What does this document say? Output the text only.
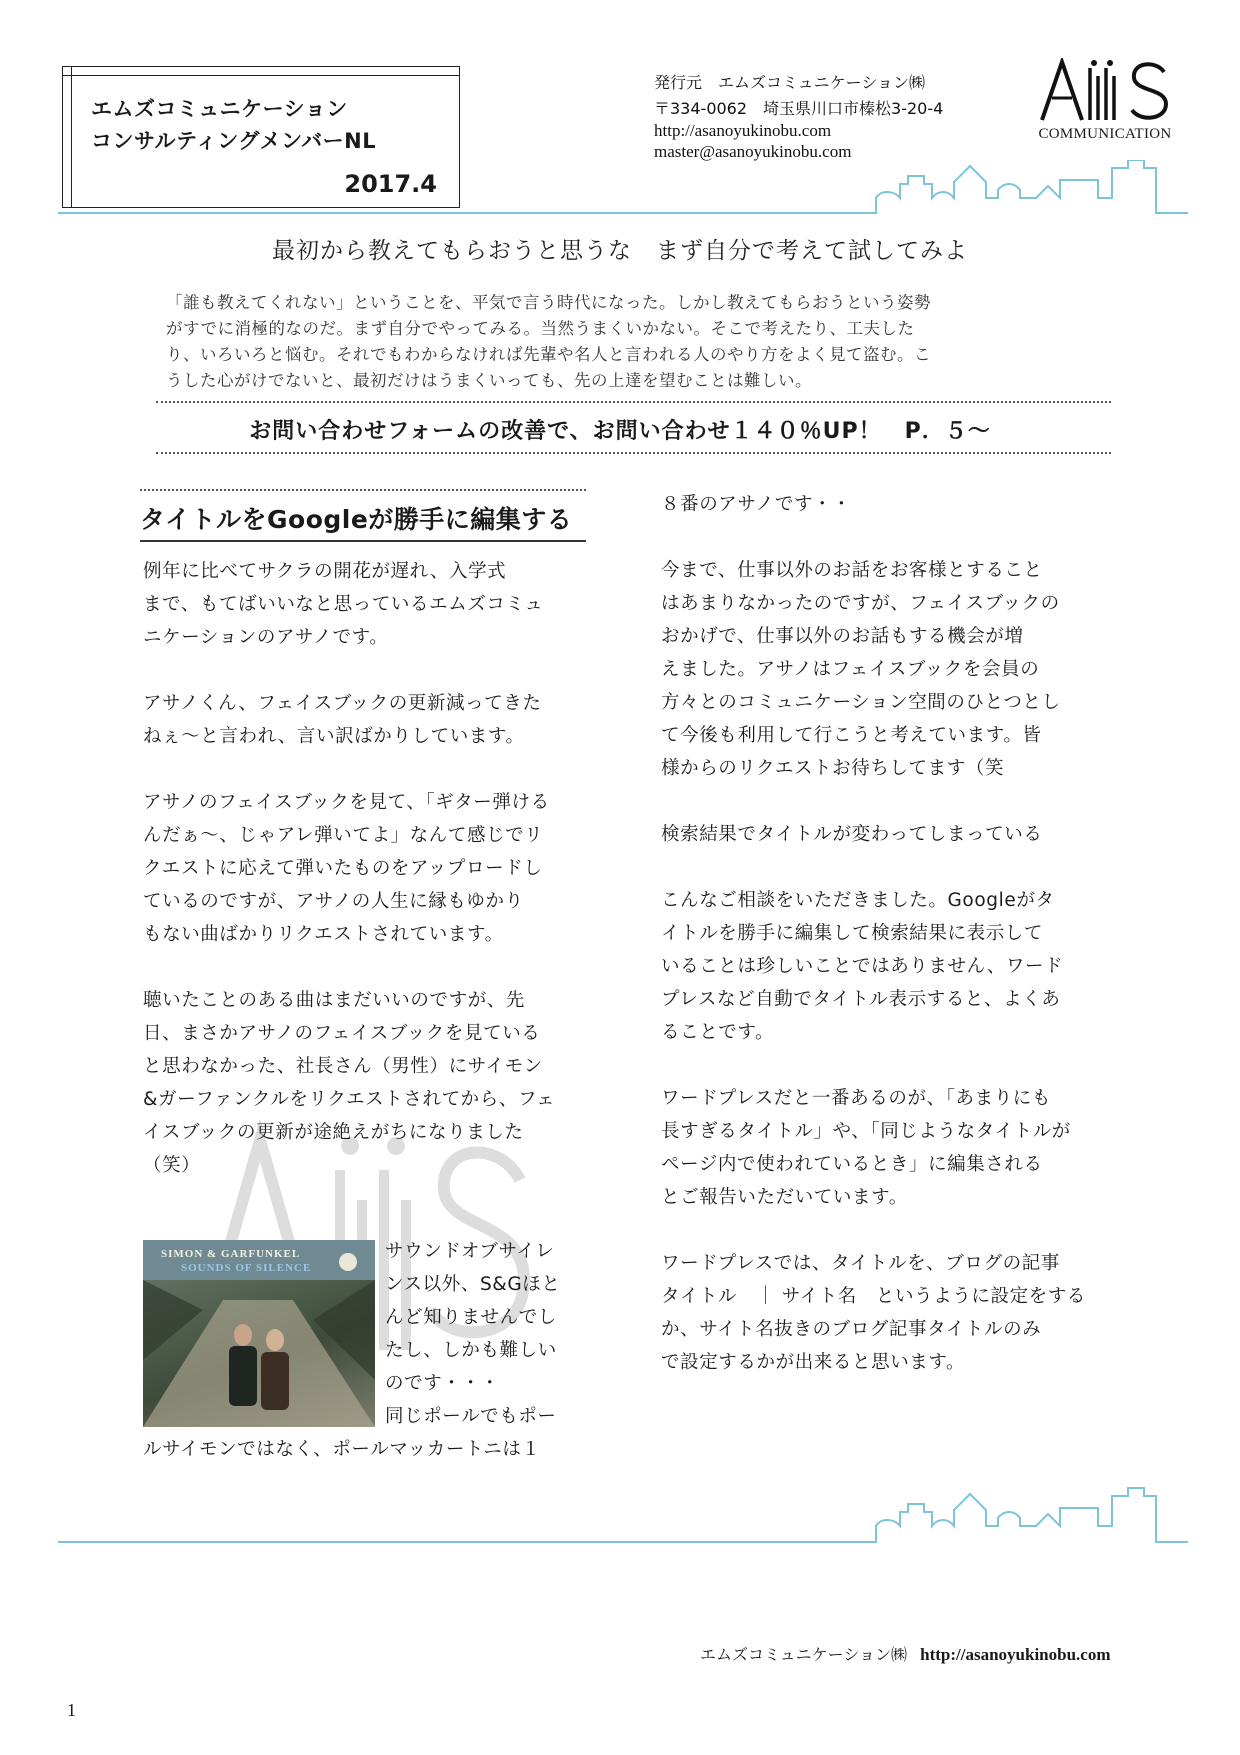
エムズコミュニケーション
コンサルティングメンバーNL
2017.4
発行元　エムズコミュニケーション㈱
〒334-0062　埼玉県川口市榛松3-20-4
http://asanoyukinobu.com
master@asanoyukinobu.com
COMMUNICATION
最初から教えてもらおうと思うな　まず自分で考えて試してみよ
「誰も教えてくれない」ということを、平気で言う時代になった。しかし教えてもらおうという姿勢
がすでに消極的なのだ。まず自分でやってみる。当然うまくいかない。そこで考えたり、工夫した
り、いろいろと悩む。それでもわからなければ先輩や名人と言われる人のやり方をよく見て盗む。こ
うした心がけでないと、最初だけはうまくいっても、先の上達を望むことは難しい。
お問い合わせフォームの改善で、お問い合わせ１４０％UP！　P．５～
タイトルをGoogleが勝手に編集する

例年に比べてサクラの開花が遅れ、入学式
まで、もてばいいなと思っているエムズコミュ
ニケーションのアサノです。

アサノくん、フェイスブックの更新減ってきた
ねぇ～と言われ、言い訳ばかりしています。

アサノのフェイスブックを見て、「ギター弾ける
んだぁ～、じゃアレ弾いてよ」なんて感じでリ
クエストに応えて弾いたものをアップロードし
ているのですが、アサノの人生に縁もゆかり
もない曲ばかりリクエストされています。

聴いたことのある曲はまだいいのですが、先
日、まさかアサノのフェイスブックを見ている
と思わなかった、社長さん（男性）にサイモン
&ガーファンクルをリクエストされてから、フェ
イスブックの更新が途絶えがちになりました
（笑）

SIMON & GARFUNKEL
SOUNDS OF SILENCE
サウンドオブサイレ
ンス以外、S&Gほと
んど知りませんでし
たし、しかも難しい
のです・・・
同じポールでもポー
ルサイモンではなく、ポールマッカートニは１

８番のアサノです・・

今まで、仕事以外のお話をお客様とすること
はあまりなかったのですが、フェイスブックの
おかげで、仕事以外のお話もする機会が増
えました。アサノはフェイスブックを会員の
方々とのコミュニケーション空間のひとつとし
て今後も利用して行こうと考えています。皆
様からのリクエストお待ちしてます（笑

検索結果でタイトルが変わってしまっている

こんなご相談をいただきました。Googleがタ
イトルを勝手に編集して検索結果に表示して
いることは珍しいことではありません、ワード
プレスなど自動でタイトル表示すると、よくあ
ることです。

ワードプレスだと一番あるのが、「あまりにも
長すぎるタイトル」や、「同じようなタイトルが
ページ内で使われているとき」に編集される
とご報告いただいています。

ワードプレスでは、タイトルを、ブログの記事
タイトル　｜ サイト名　というように設定をする
か、サイト名抜きのブログ記事タイトルのみ
で設定するかが出来ると思います。

エムズコミュニケーション㈱ http://asanoyukinobu.com
1
